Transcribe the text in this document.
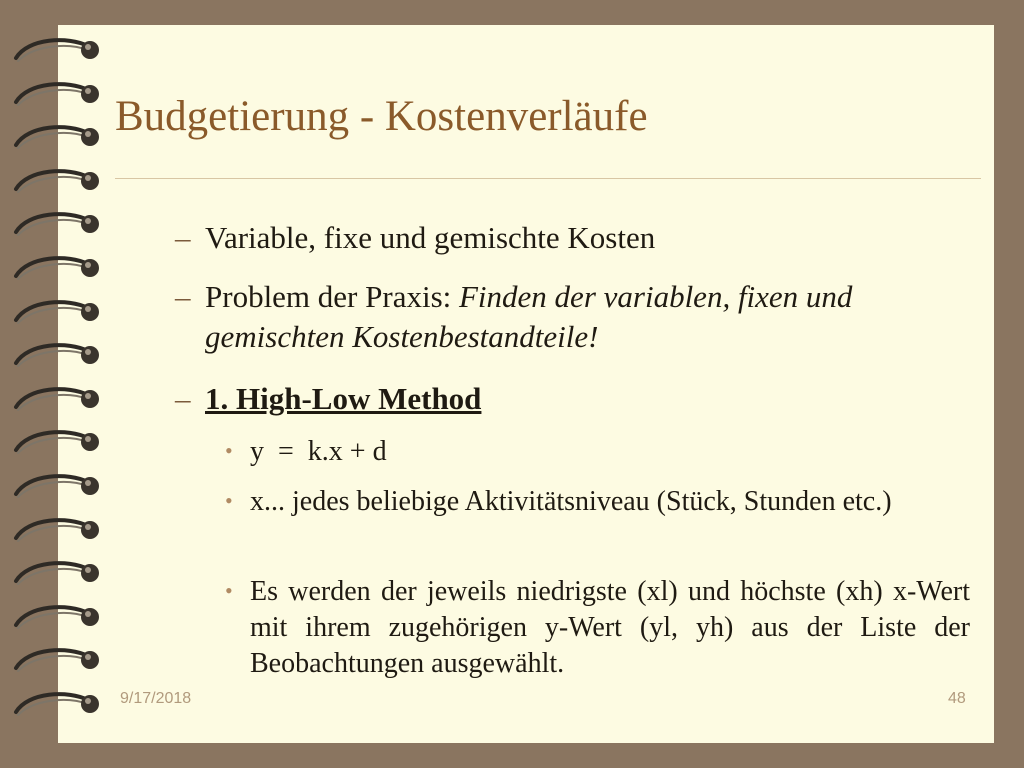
Budgetierung - Kostenverläufe
– Variable, fixe und gemischte Kosten
– Problem der Praxis: Finden der variablen, fixen und gemischten Kostenbestandteile!
– 1. High-Low Method
• y  =  k.x + d
• x... jedes beliebige Aktivitätsniveau (Stück, Stunden etc.)
• Es werden der jeweils niedrigste (xl) und höchste (xh) x-Wert mit ihrem zugehörigen y-Wert (yl, yh) aus der Liste der Beobachtungen ausgewählt.
9/17/2018	48
